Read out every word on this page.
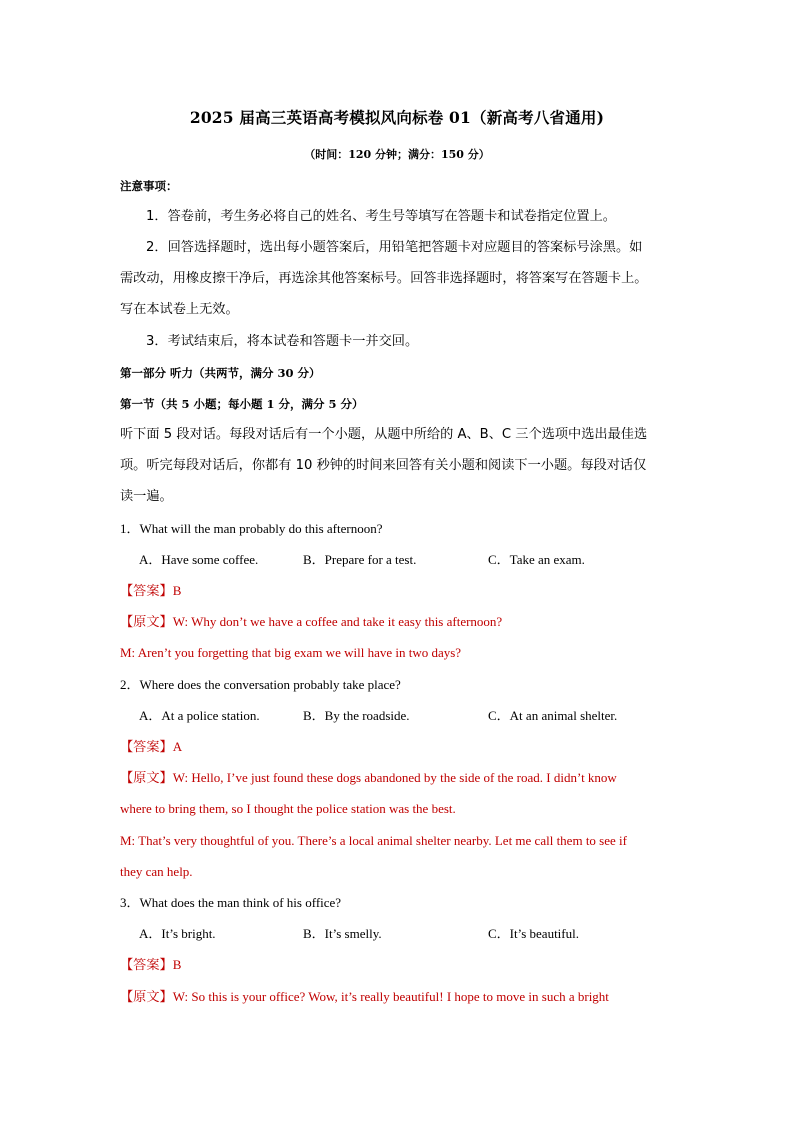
2025 届高三英语高考模拟风向标卷 01（新高考八省通用)
（时间：120 分钟；满分：150 分）
注意事项：
1．答卷前，考生务必将自己的姓名、考生号等填写在答题卡和试卷指定位置上。
2．回答选择题时，选出每小题答案后，用铅笔把答题卡对应题目的答案标号涂黑。如
需改动，用橡皮擦干净后，再选涂其他答案标号。回答非选择题时，将答案写在答题卡上。
写在本试卷上无效。
3．考试结束后，将本试卷和答题卡一并交回。
第一部分 听力（共两节，满分 30 分）
第一节（共 5 小题；每小题 1 分，满分 5 分）
听下面 5 段对话。每段对话后有一个小题，从题中所给的 A、B、C 三个选项中选出最佳选
项。听完每段对话后，你都有 10 秒钟的时间来回答有关小题和阅读下一小题。每段对话仅
读一遍。
1．What will the man probably do this afternoon?
A．Have some coffee.	B．Prepare for a test.	C．Take an exam.
【答案】B
【原文】W: Why don’t we have a coffee and take it easy this afternoon?
M: Aren’t you forgetting that big exam we will have in two days?
2．Where does the conversation probably take place?
A．At a police station.	B．By the roadside.	C．At an animal shelter.
【答案】A
【原文】W: Hello, I’ve just found these dogs abandoned by the side of the road. I didn’t know
where to bring them, so I thought the police station was the best.
M: That’s very thoughtful of you. There’s a local animal shelter nearby. Let me call them to see if
they can help.
3．What does the man think of his office?
A．It’s bright.	B．It’s smelly.	C．It’s beautiful.
【答案】B
【原文】W: So this is your office? Wow, it’s really beautiful! I hope to move in such a bright
